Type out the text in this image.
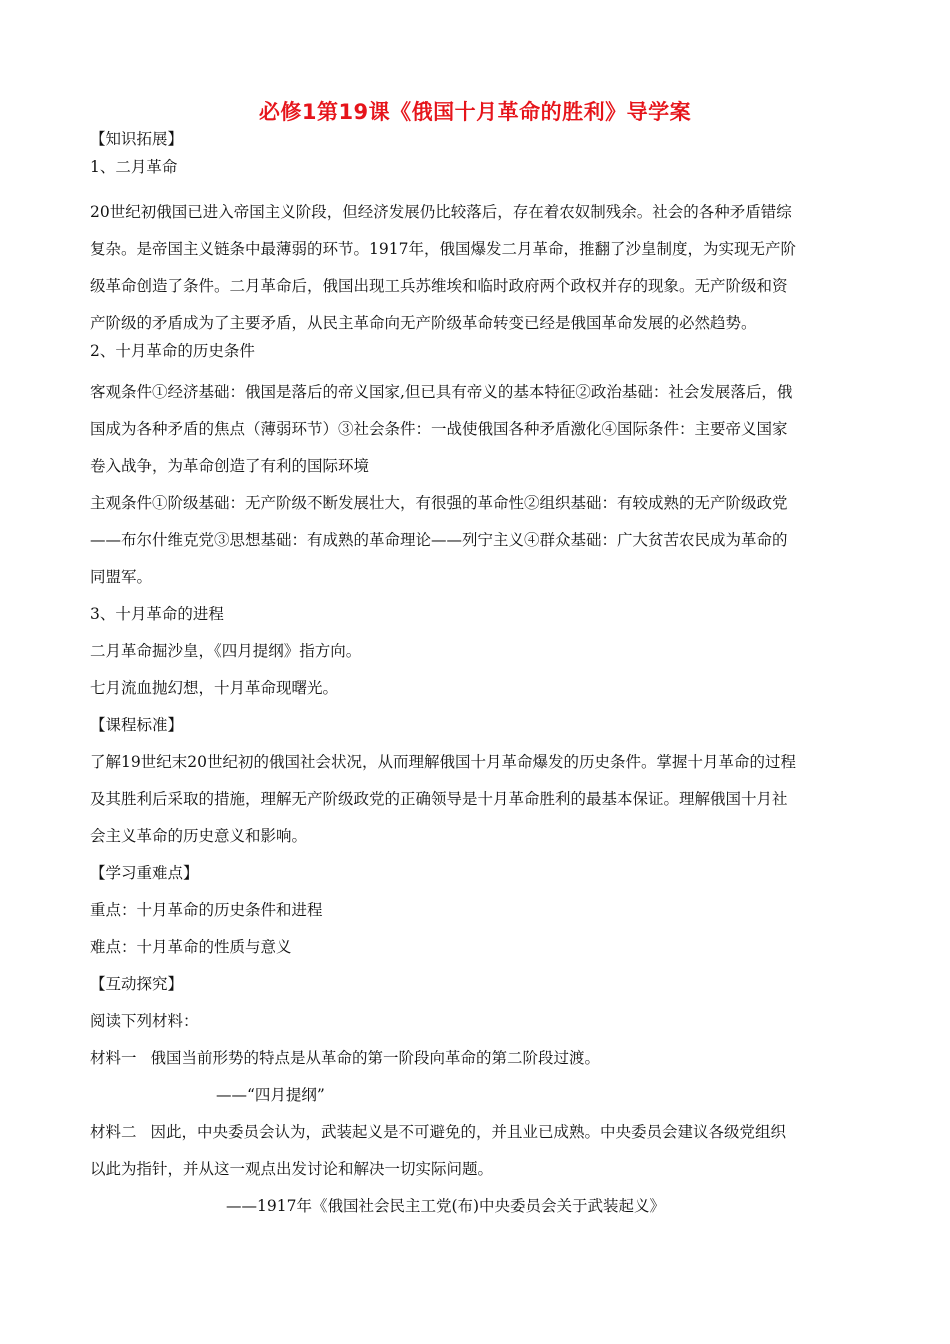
必修1第19课《俄国十月革命的胜利》导学案
【知识拓展】
1、二月革命
20世纪初俄国已进入帝国主义阶段，但经济发展仍比较落后，存在着农奴制残余。社会的各种矛盾错综
复杂。是帝国主义链条中最薄弱的环节。1917年，俄国爆发二月革命，推翻了沙皇制度，为实现无产阶
级革命创造了条件。二月革命后，俄国出现工兵苏维埃和临时政府两个政权并存的现象。无产阶级和资
产阶级的矛盾成为了主要矛盾，从民主革命向无产阶级革命转变已经是俄国革命发展的必然趋势。
2、十月革命的历史条件
客观条件①经济基础：俄国是落后的帝义国家,但已具有帝义的基本特征②政治基础：社会发展落后，俄
国成为各种矛盾的焦点（薄弱环节）③社会条件：一战使俄国各种矛盾激化④国际条件：主要帝义国家
卷入战争，为革命创造了有利的国际环境
主观条件①阶级基础：无产阶级不断发展壮大，有很强的革命性②组织基础：有较成熟的无产阶级政党
——布尔什维克党③思想基础：有成熟的革命理论——列宁主义④群众基础：广大贫苦农民成为革命的
同盟军。
3、十月革命的进程
二月革命掘沙皇，《四月提纲》指方向。
七月流血抛幻想，十月革命现曙光。
【课程标准】
了解19世纪末20世纪初的俄国社会状况，从而理解俄国十月革命爆发的历史条件。掌握十月革命的过程
及其胜利后采取的措施，理解无产阶级政党的正确领导是十月革命胜利的最基本保证。理解俄国十月社
会主义革命的历史意义和影响。
【学习重难点】
重点：十月革命的历史条件和进程
难点：十月革命的性质与意义
【互动探究】
阅读下列材料：
材料一 俄国当前形势的特点是从革命的第一阶段向革命的第二阶段过渡。
——“四月提纲”
材料二 因此，中央委员会认为，武装起义是不可避免的，并且业已成熟。中央委员会建议各级党组织
以此为指针，并从这一观点出发讨论和解决一切实际问题。
——1917年《俄国社会民主工党(布)中央委员会关于武装起义》
